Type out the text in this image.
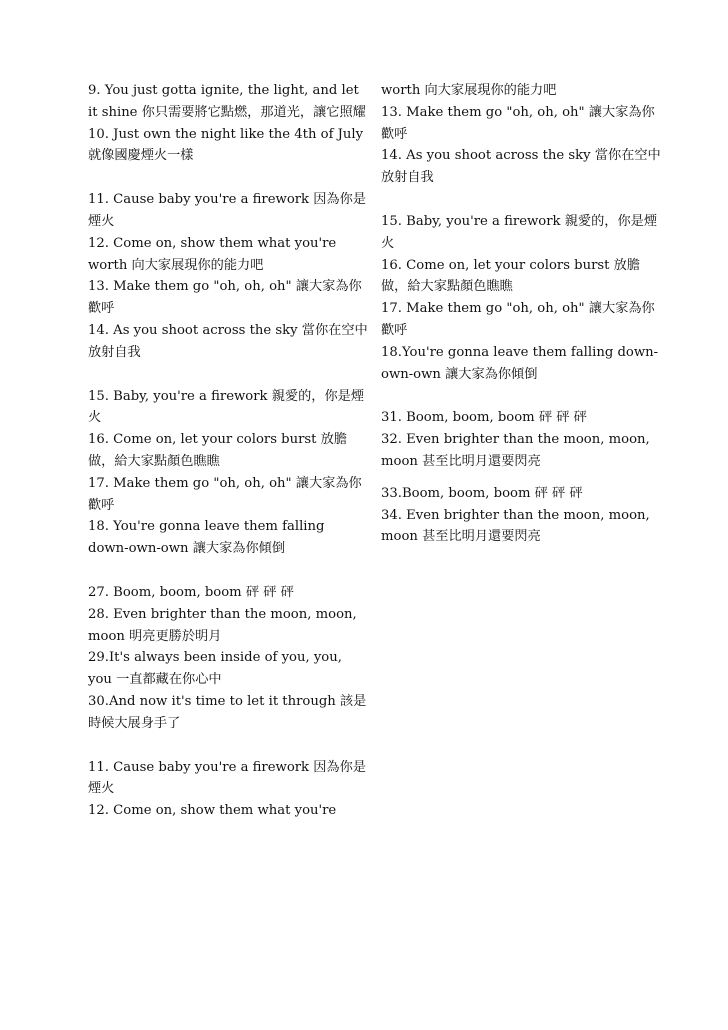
9. You just gotta ignite, the light, and let it shine 你只需要將它點燃，那道光，讓它照耀
10. Just own the night like the 4th of July 就像國慶煙火一樣
11. Cause baby you're a firework 因為你是煙火
12. Come on, show them what you're worth 向大家展現你的能力吧
13. Make them go "oh, oh, oh" 讓大家為你歡呼
14. As you shoot across the sky 當你在空中放射自我
15. Baby, you're a firework 親愛的，你是煙火
16. Come on, let your colors burst 放膽做，給大家點顏色瞧瞧
17. Make them go "oh, oh, oh" 讓大家為你歡呼
18. You're gonna leave them falling down-own-own 讓大家為你傾倒
27. Boom, boom, boom 砰 砰 砰
28. Even brighter than the moon, moon, moon 明亮更勝於明月
29.It's always been inside of you, you, you 一直都藏在你心中
30.And now it's time to let it through 該是時候大展身手了
11. Cause baby you're a firework 因為你是煙火
12. Come on, show them what you're
worth 向大家展現你的能力吧
13. Make them go "oh, oh, oh" 讓大家為你歡呼
14. As you shoot across the sky 當你在空中放射自我
15. Baby, you're a firework 親愛的，你是煙火
16. Come on, let your colors burst 放膽做，給大家點顏色瞧瞧
17. Make them go "oh, oh, oh" 讓大家為你歡呼
18.You're gonna leave them falling down-own-own 讓大家為你傾倒
31. Boom, boom, boom 砰 砰 砰
32. Even brighter than the moon, moon, moon 甚至比明月還要閃亮
33.Boom, boom, boom 砰 砰 砰
34. Even brighter than the moon, moon, moon 甚至比明月還要閃亮
